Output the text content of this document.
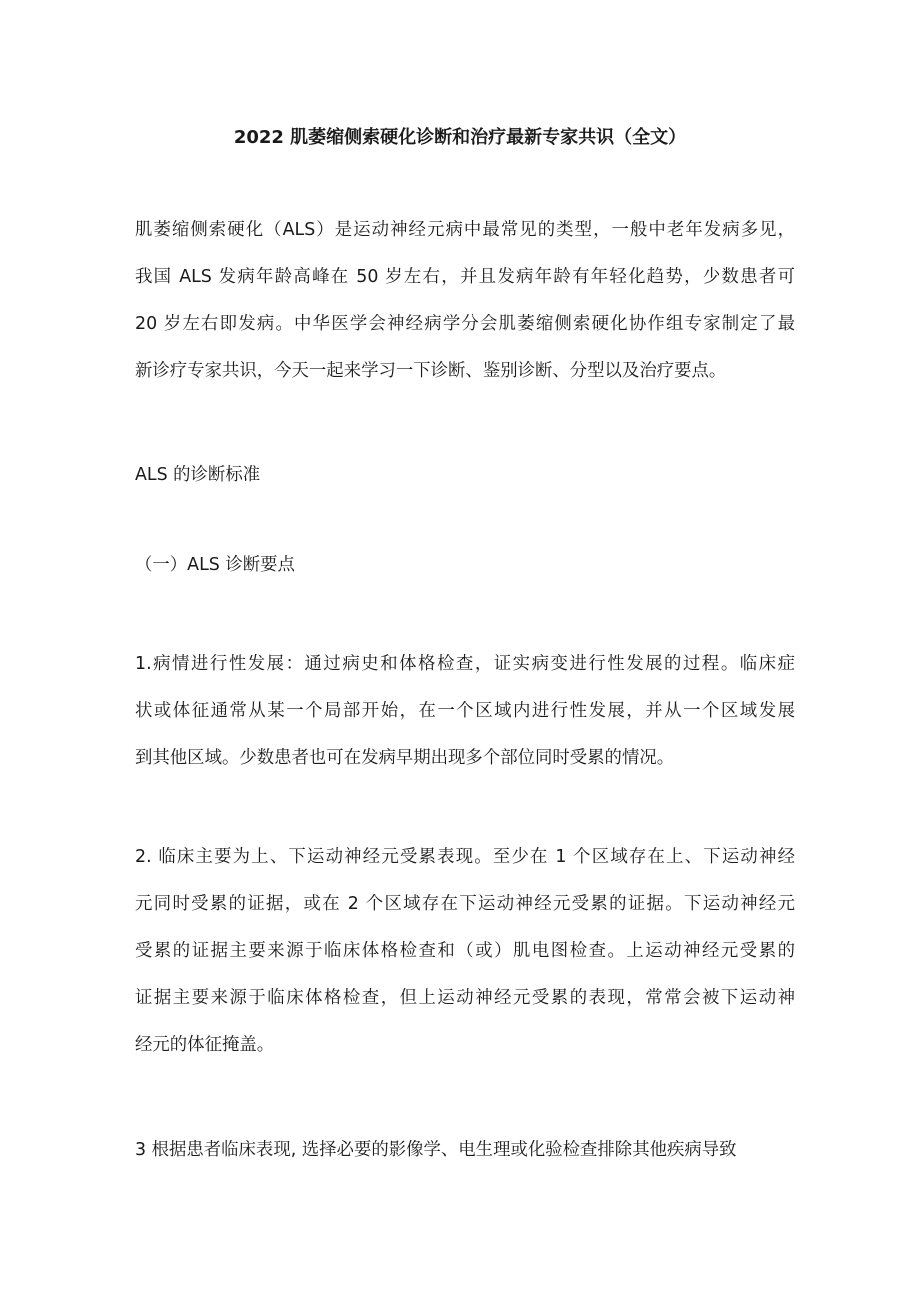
2022 肌萎缩侧索硬化诊断和治疗最新专家共识（全文）
肌萎缩侧索硬化（ALS）是运动神经元病中最常见的类型，一般中老年发病多见，
我国 ALS 发病年龄高峰在 50 岁左右，并且发病年龄有年轻化趋势，少数患者可
20 岁左右即发病。中华医学会神经病学分会肌萎缩侧索硬化协作组专家制定了最
新诊疗专家共识，今天一起来学习一下诊断、鉴别诊断、分型以及治疗要点。
ALS 的诊断标准
（一）ALS 诊断要点
1.病情进行性发展：通过病史和体格检查，证实病变进行性发展的过程。临床症
状或体征通常从某一个局部开始，在一个区域内进行性发展，并从一个区域发展
到其他区域。少数患者也可在发病早期出现多个部位同时受累的情况。
2. 临床主要为上、下运动神经元受累表现。至少在 1 个区域存在上、下运动神经
元同时受累的证据，或在 2 个区域存在下运动神经元受累的证据。下运动神经元
受累的证据主要来源于临床体格检查和（或）肌电图检查。上运动神经元受累的
证据主要来源于临床体格检查，但上运动神经元受累的表现，常常会被下运动神
经元的体征掩盖。
3 根据患者临床表现, 选择必要的影像学、电生理或化验检查排除其他疾病导致
